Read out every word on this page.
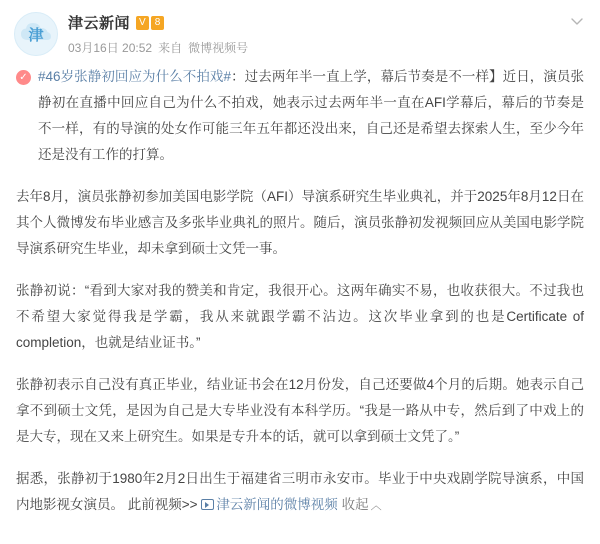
津
津云新闻 V 8
03月16日 20:52 来自 微博视频号

✓ #46岁张静初回应为什么不拍戏#：过去两年半一直上学，幕后节奏是不一样】近日，演员张静初在直播中回应自己为什么不拍戏，她表示过去两年半一直在AFI学幕后，幕后的节奏是不一样，有的导演的处女作可能三年五年都还没出来，自己还是希望去探索人生，至少今年还是没有工作的打算。

去年8月，演员张静初参加美国电影学院（AFI）导演系研究生毕业典礼，并于2025年8月12日在其个人微博发布毕业感言及多张毕业典礼的照片。随后，演员张静初发视频回应从美国电影学院导演系研究生毕业，却未拿到硕士文凭一事。

张静初说：“看到大家对我的赞美和肯定，我很开心。这两年确实不易，也收获很大。不过我也不希望大家觉得我是学霸，我从来就跟学霸不沾边。这次毕业拿到的也是Certificate of completion，也就是结业证书。”

张静初表示自己没有真正毕业，结业证书会在12月份发，自己还要做4个月的后期。她表示自己拿不到硕士文凭，是因为自己是大专毕业没有本科学历。“我是一路从中专，然后到了中戏上的是大专，现在又来上研究生。如果是专升本的话，就可以拿到硕士文凭了。”

据悉，张静初于1980年2月2日出生于福建省三明市永安市。毕业于中央戏剧学院导演系，中国内地影视女演员。 此前视频>> 津云新闻的微博视频 收起 ︿
